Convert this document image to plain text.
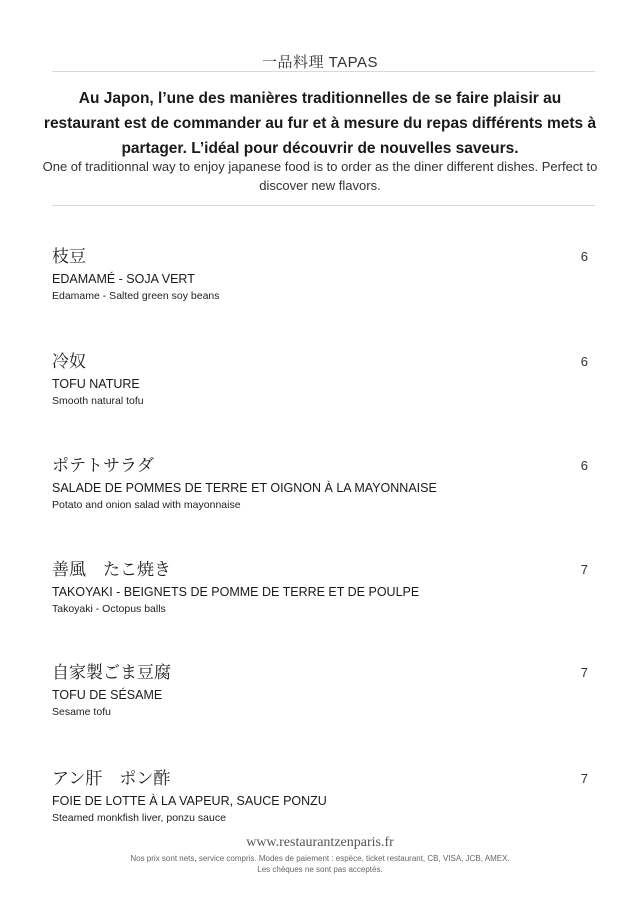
一品料理 TAPAS
Au Japon, l’une des manières traditionnelles de se faire plaisir au restaurant est de commander au fur et à mesure du repas différents mets à partager. L’idéal pour découvrir de nouvelles saveurs.
One of traditionnal way to enjoy japanese food is to order as the diner different dishes. Perfect to discover new flavors.
枝豆
EDAMAMÉ - SOJA VERT
Edamame - Salted green soy beans
6
冷奴
TOFU NATURE
Smooth natural tofu
6
ポテトサラダ
SALADE DE POMMES DE TERRE ET OIGNON À LA MAYONNAISE
Potato and onion salad with mayonnaise
6
善風　たこ焼き
TAKOYAKI - BEIGNETS DE POMME DE TERRE ET DE POULPE
Takoyaki - Octopus balls
7
自家製ごま豆腐
TOFU DE SÉSAME
Sesame tofu
7
アン肝　ポン酢
FOIE DE LOTTE À LA VAPEUR, SAUCE PONZU
Steamed monkfish liver, ponzu sauce
7
www.restaurantzenparis.fr
Nos prix sont nets, service compris. Modes de paiement : espèce, ticket restaurant, CB, VISA, JCB, AMEX.
Les chèques ne sont pas acceptés.
